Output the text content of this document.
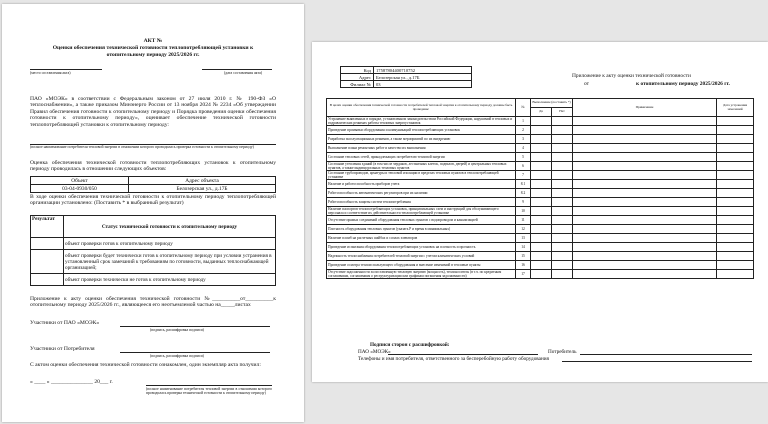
АКТ №
Оценки обеспечения технической готовности теплопотребляющей установки к
отопительному периоду 2025/2026 гг.
(место составления акта)	(дата составления акта)
ПАО «МОЭК» в соответствии с Федеральным законом от 27 июля 2010 г. № 190-ФЗ «О теплоснабжении», а также приказом Минэнерго России от 13 ноября 2024 № 2234 «Об утверждении Правил обеспечения готовности к отопительному периоду и Порядка проведения оценки обеспечения готовности к отопительному периоду», оценивает обеспечение технической готовности теплопотребляющей установки к отопительному периоду:
(полное наименование потребителя тепловой энергии в отношении которого проводилась проверка готовности к отопительному периоду)
Оценка обеспечения технической готовности теплопотребляющих установок к отопительному периоду проводилась в отношении следующих объектов:
Объект	Адрес объекта
03-04-0930/050	Белозерская ул., д.17Б
В ходе оценки обеспечения технической готовности к отопительному периоду теплопотребляющей организации установлено: (Поставить * в выбранный результат)
Результат	Статус технической готовности к отопительному периоду
	объект проверки готов к отопительному периоду
	объект проверки будет технически готов к отопительному периоду при условии устранения в установленный срок замечаний к требованиям по готовности, выданных теплоснабжающей организацией;
	объект проверки технически не готов к отопительному периоду
Приложение к акту оценки обеспечения технической готовности №__________от__________к отопительному периоду 2025/2026 гг., являющееся его неотъемлемой частью на_____листах
Участники от ПАО «МОЭК»
(подпись, расшифровка подписи)
Участники от Потребителя
(подпись, расшифровка подписи)
С актом оценки обеспечения технической готовности ознакомлен, один экземпляр акта получил:
« ____ » _______________ 20___ г.
(полное наименование потребителя тепловой энергии в отношении которого проводилась проверка технической готовности к отопительному периоду)
Код	17587804400710752
Адрес	Белозерская ул., д.17Б
Филиал №	03
Приложение к акту оценки технической готовности
от	к отопительному периоду 2025/2026 гг.
В целях оценки обеспечения технической готовности потребителей тепловой энергии к отопительному периоду должны быть проведены:	№	Выполнение (поставить *)		Примечание	Дата устранения замечаний
		Да	Нет		
Устранение выявленных в порядке, установленном законодательством Российской Федерации, нарушений в тепловых и гидравлических режимах работы тепловых энергоустановок	1				
Проведение промывки оборудования и коммуникаций теплопотребляющих установок	2				
Разработка эксплуатационных режимов, а также мероприятий по их внедрению	3				
Выполнение плана ремонтных работ и качество их выполнения	4				
Состояние тепловых сетей, принадлежащих потребителю тепловой энергии	5				
Состояние утепления зданий (в том числе чердаков, лестничных клеток, подвалов, дверей) и центральных тепловых пунктов, а также индивидуальных тепловых пунктов	6				
Состояние трубопроводов, арматуры и тепловой изоляции в пределах тепловых пунктов в теплопотребляющей установке	7				
Наличие и работоспособность приборов учета	8.1				
Работоспособность автоматических регуляторов при их наличии	8.2				
Работоспособность защиты систем теплопотребления	9				
Наличие паспортов теплопотребляющих установок, принципиальных схем и инструкций для обслуживающего персонала и соответствие их действительности теплопотребляющей установке	10				
Отсутствие прямых соединений оборудования тепловых пунктов с водопроводом и канализацией	11				
Плотность оборудования тепловых пунктов (указать Р и время в минимальных)	12				
Наличие пломб на расчетных шайбах и соплах элеваторов	13				
Проведение испытания оборудования теплопотребляющих установок на плотность и прочность	14				
Надежность теплоснабжения потребителей тепловой энергии с учетом климатических условий	15				
Проведение осмотра теплоиспользующего оборудования и внесение изменений в тепловые пункты	16				
Отсутствие задолженности за поставленную тепловую энергию (мощность), теплоноситель (в т.ч. по кредитным соглашениям, соглашениям о реструктуризации или графикам погашения задолженности)	17				
Подписи сторон с расшифровкой:
ПАО «МОЭК»	Потребитель
Телефоны и имя потребителя, ответственного за бесперебойную работу оборудования
